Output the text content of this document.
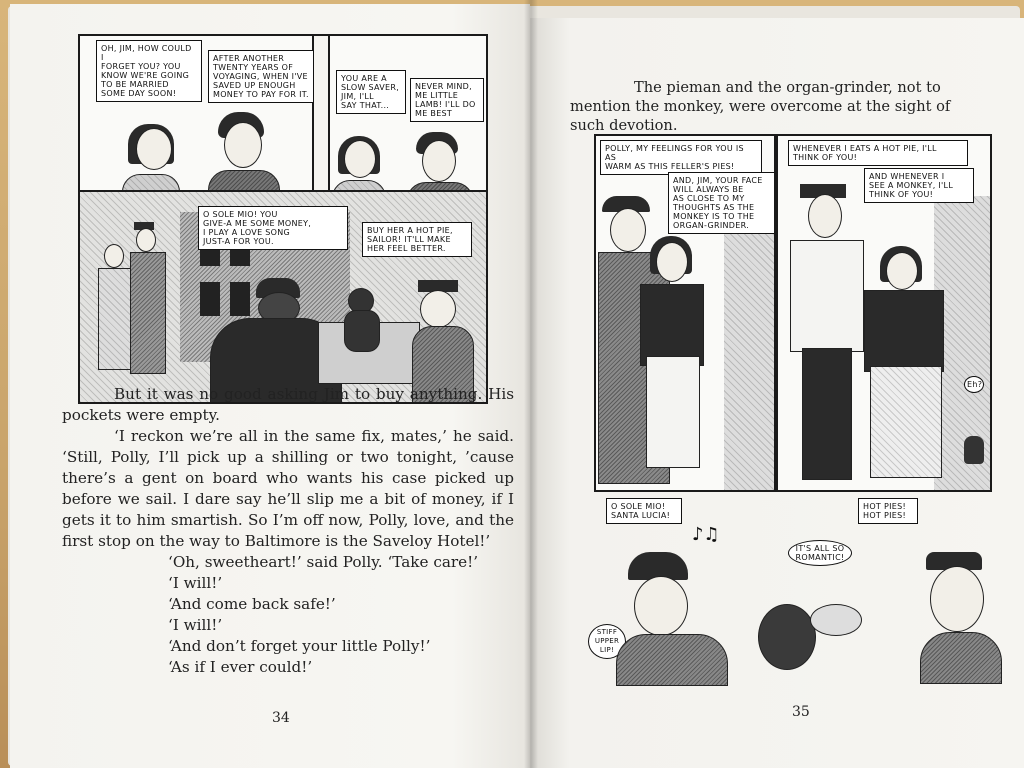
OH, JIM, HOW COULD I
FORGET YOU? YOU
KNOW WE'RE GOING
TO BE MARRIED
SOME DAY SOON!
AFTER ANOTHER
TWENTY YEARS OF
VOYAGING, WHEN I'VE
SAVED UP ENOUGH
MONEY TO PAY FOR IT.
YOU ARE A
SLOW SAVER,
JIM, I'LL
SAY THAT...
NEVER MIND,
ME LITTLE
LAMB! I'LL DO
ME BEST
O SOLE MIO! YOU
GIVE-A ME SOME MONEY,
I PLAY A LOVE SONG
JUST-A FOR YOU.
BUY HER A HOT PIE,
SAILOR! IT'LL MAKE
HER FEEL BETTER.

But it was no good asking Jim to buy anything. His pockets were empty.

‘I reckon we’re all in the same fix, mates,’ he said. ‘Still, Polly, I’ll pick up a shilling or two tonight, ’cause there’s a gent on board who wants his case picked up before we sail. I dare say he’ll slip me a bit of money, if I gets it to him smartish. So I’m off now, Polly, love, and the first stop on the way to Baltimore is the Saveloy Hotel!’

‘Oh, sweetheart!’ said Polly. ‘Take care!’

‘I will!’

‘And come back safe!’

‘I will!’

‘And don’t forget your little Polly!’

‘As if I ever could!’

34

The pieman and the organ-grinder, not to mention the monkey, were overcome at the sight of such devotion.

POLLY, MY FEELINGS FOR YOU IS AS
WARM AS THIS FELLER'S PIES!
AND, JIM, YOUR FACE
WILL ALWAYS BE
AS CLOSE TO MY
THOUGHTS AS THE
MONKEY IS TO THE
ORGAN-GRINDER.
WHENEVER I EATS A HOT PIE, I'LL
THINK OF YOU!
AND WHENEVER I
SEE A MONKEY, I'LL
THINK OF YOU!
Eh?
O SOLE MIO!
SANTA LUCIA!
IT'S ALL SO
ROMANTIC!
HOT PIES!
HOT PIES!
STIFF
UPPER
LIP!
♪♫
35
